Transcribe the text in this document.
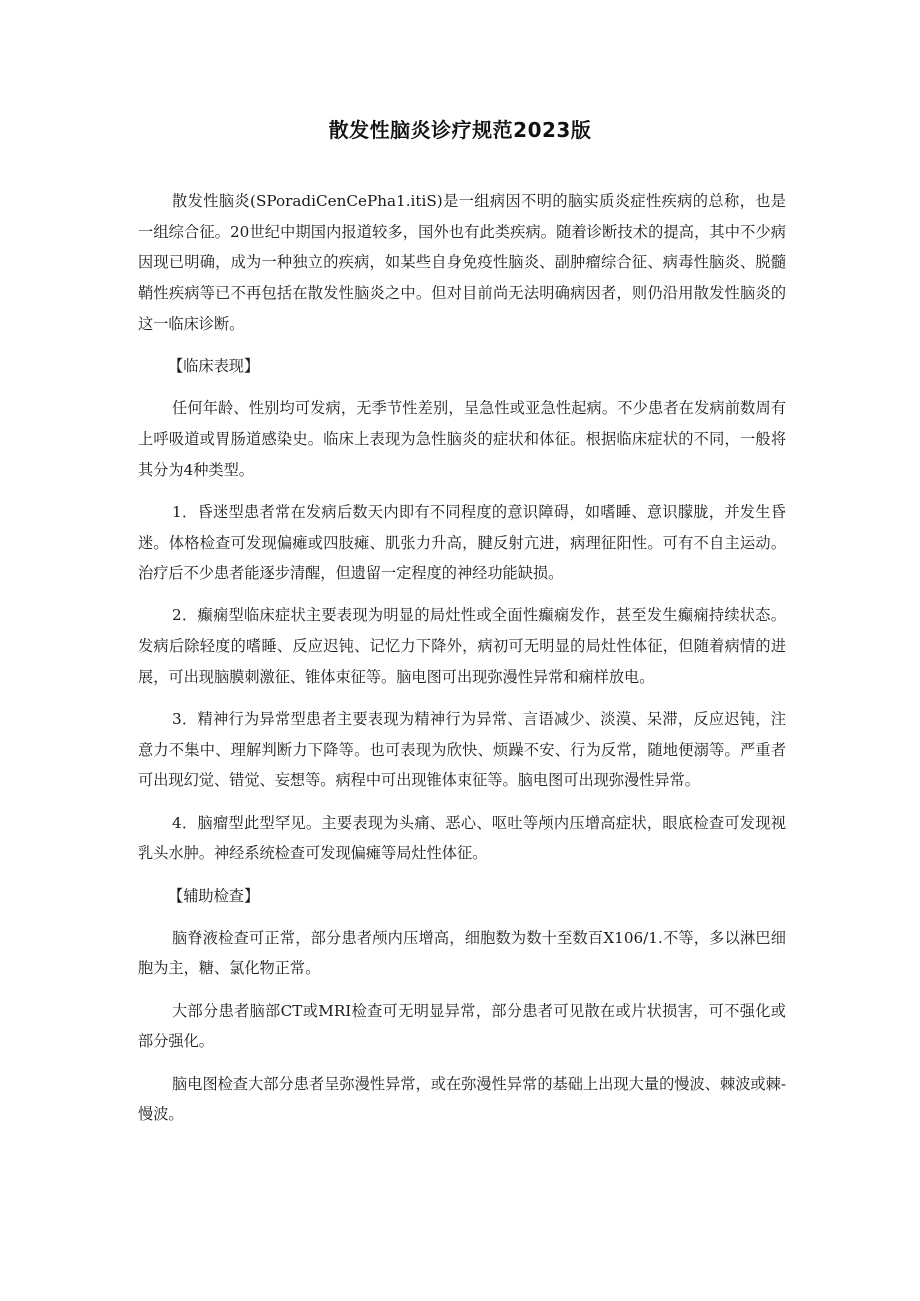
散发性脑炎诊疗规范2023版

散发性脑炎(SPoradiCenCePha1.itiS)是一组病因不明的脑实质炎症性疾病的总称，也是一组综合征。20世纪中期国内报道较多，国外也有此类疾病。随着诊断技术的提高，其中不少病因现已明确，成为一种独立的疾病，如某些自身免疫性脑炎、副肿瘤综合征、病毒性脑炎、脱髓鞘性疾病等已不再包括在散发性脑炎之中。但对目前尚无法明确病因者，则仍沿用散发性脑炎的这一临床诊断。

【临床表现】

任何年龄、性别均可发病，无季节性差别，呈急性或亚急性起病。不少患者在发病前数周有上呼吸道或胃肠道感染史。临床上表现为急性脑炎的症状和体征。根据临床症状的不同，一般将其分为4种类型。

1．昏迷型患者常在发病后数天内即有不同程度的意识障碍，如嗜睡、意识朦胧，并发生昏迷。体格检查可发现偏瘫或四肢瘫、肌张力升高，腱反射亢进，病理征阳性。可有不自主运动。治疗后不少患者能逐步清醒，但遗留一定程度的神经功能缺损。

2．癫痫型临床症状主要表现为明显的局灶性或全面性癫痫发作，甚至发生癫痫持续状态。发病后除轻度的嗜睡、反应迟钝、记忆力下降外，病初可无明显的局灶性体征，但随着病情的进展，可出现脑膜刺激征、锥体束征等。脑电图可出现弥漫性异常和痫样放电。

3．精神行为异常型患者主要表现为精神行为异常、言语减少、淡漠、呆滞，反应迟钝，注意力不集中、理解判断力下降等。也可表现为欣快、烦躁不安、行为反常，随地便溺等。严重者可出现幻觉、错觉、妄想等。病程中可出现锥体束征等。脑电图可出现弥漫性异常。

4．脑瘤型此型罕见。主要表现为头痛、恶心、呕吐等颅内压增高症状，眼底检查可发现视乳头水肿。神经系统检查可发现偏瘫等局灶性体征。

【辅助检查】

脑脊液检查可正常，部分患者颅内压增高，细胞数为数十至数百X106/1.不等，多以淋巴细胞为主，糖、氯化物正常。

大部分患者脑部CT或MRI检查可无明显异常，部分患者可见散在或片状损害，可不强化或部分强化。

脑电图检查大部分患者呈弥漫性异常，或在弥漫性异常的基础上出现大量的慢波、棘波或棘-慢波。
